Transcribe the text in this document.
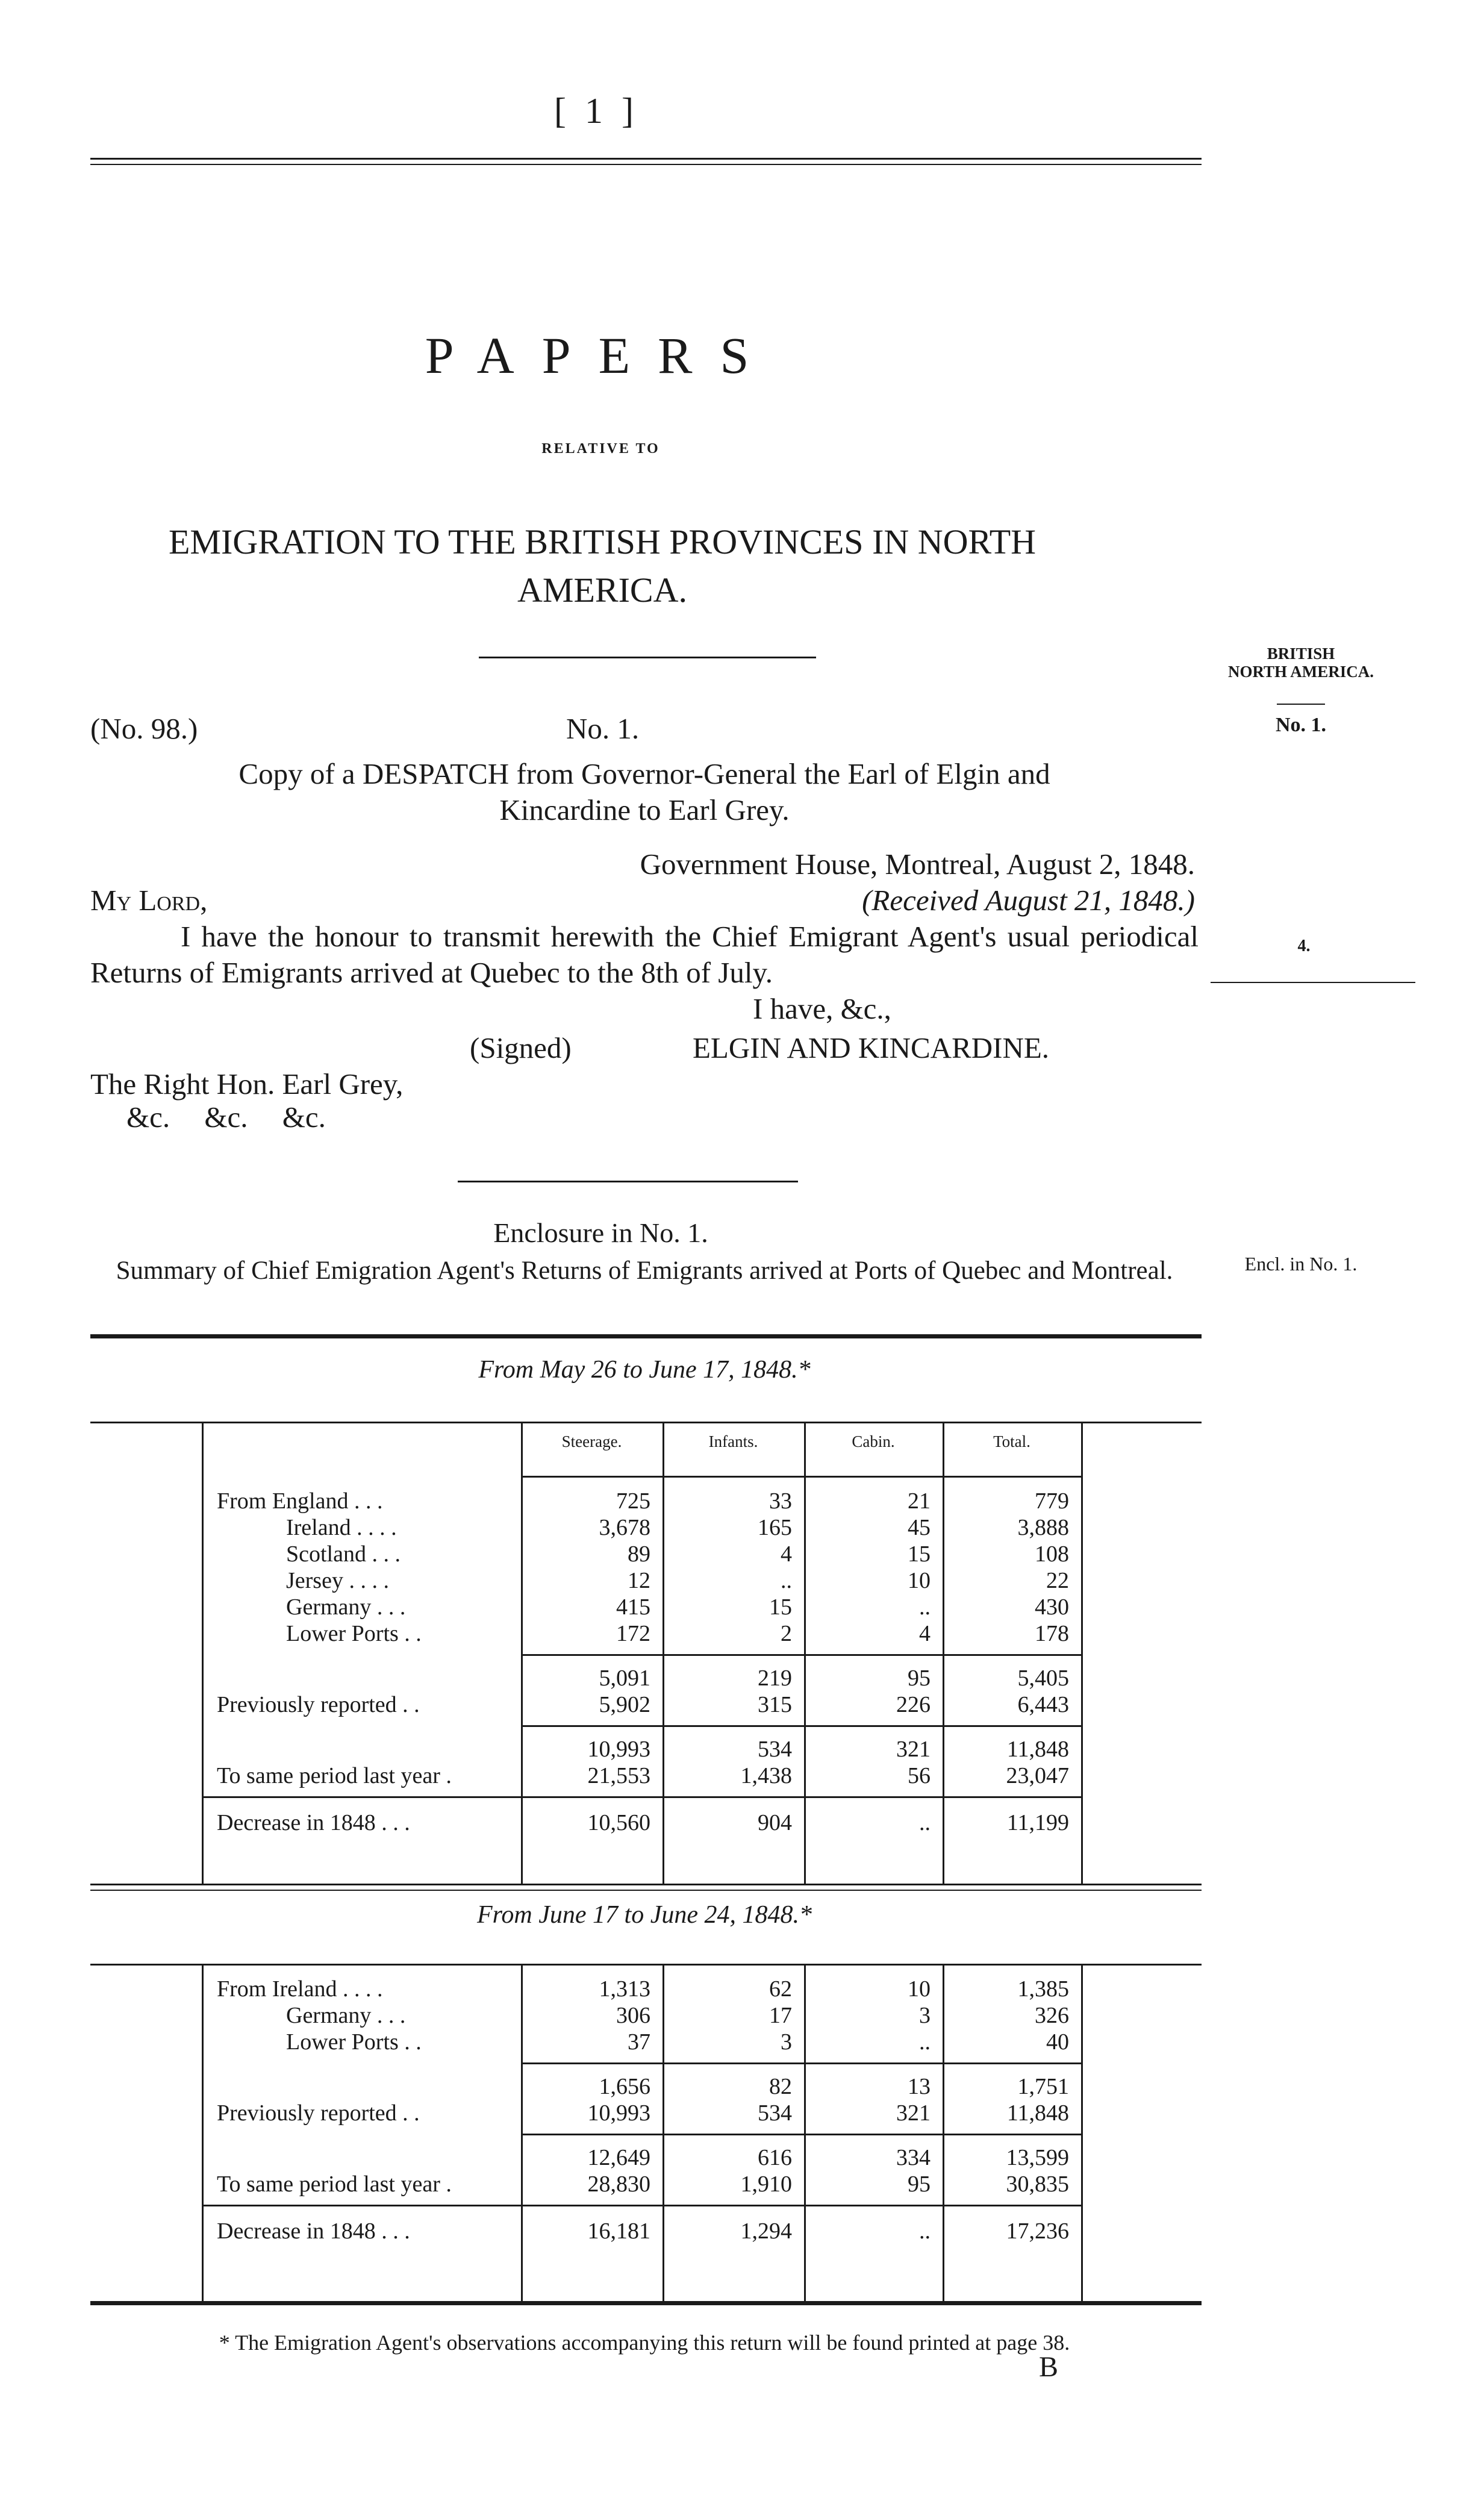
[ 1 ]
PAPERS
RELATIVE TO
EMIGRATION TO THE BRITISH PROVINCES IN NORTH
AMERICA.
BRITISH
NORTH AMERICA.
No. 1.
4.
Encl. in No. 1.
(No. 98.)	No. 1.
Copy of a DESPATCH from Governor-General the Earl of Elgin and
Kincardine to Earl Grey.
Government House, Montreal, August 2, 1848.
My Lord,	(Received August 21, 1848.)
I have the honour to transmit herewith the Chief Emigrant Agent's usual periodical Returns of Emigrants arrived at Quebec to the 8th of July.
I have, &c.,
(Signed)	ELGIN AND KINCARDINE.
The Right Hon. Earl Grey,
&c. &c. &c.
Enclosure in No. 1.
Summary of Chief Emigration Agent's Returns of Emigrants arrived at Ports of Quebec and Montreal.
From May 26 to June 17, 1848.*
Steerage.	Infants.	Cabin.	Total.
From England . . .	725	33	21	779
Ireland . . . .	3,678	165	45	3,888
Scotland . . .	89	4	15	108
Jersey . . . .	12	..	10	22
Germany . . .	415	15	..	430
Lower Ports . .	172	2	4	178
5,091	219	95	5,405
Previously reported . .	5,902	315	226	6,443
10,993	534	321	11,848
To same period last year .	21,553	1,438	56	23,047
Decrease in 1848 . . .	10,560	904	..	11,199
From June 17 to June 24, 1848.*
From Ireland . . . .	1,313	62	10	1,385
Germany . . .	306	17	3	326
Lower Ports . .	37	3	..	40
1,656	82	13	1,751
Previously reported . .	10,993	534	321	11,848
12,649	616	334	13,599
To same period last year .	28,830	1,910	95	30,835
Decrease in 1848 . . .	16,181	1,294	..	17,236
* The Emigration Agent's observations accompanying this return will be found printed at page 38.
B
